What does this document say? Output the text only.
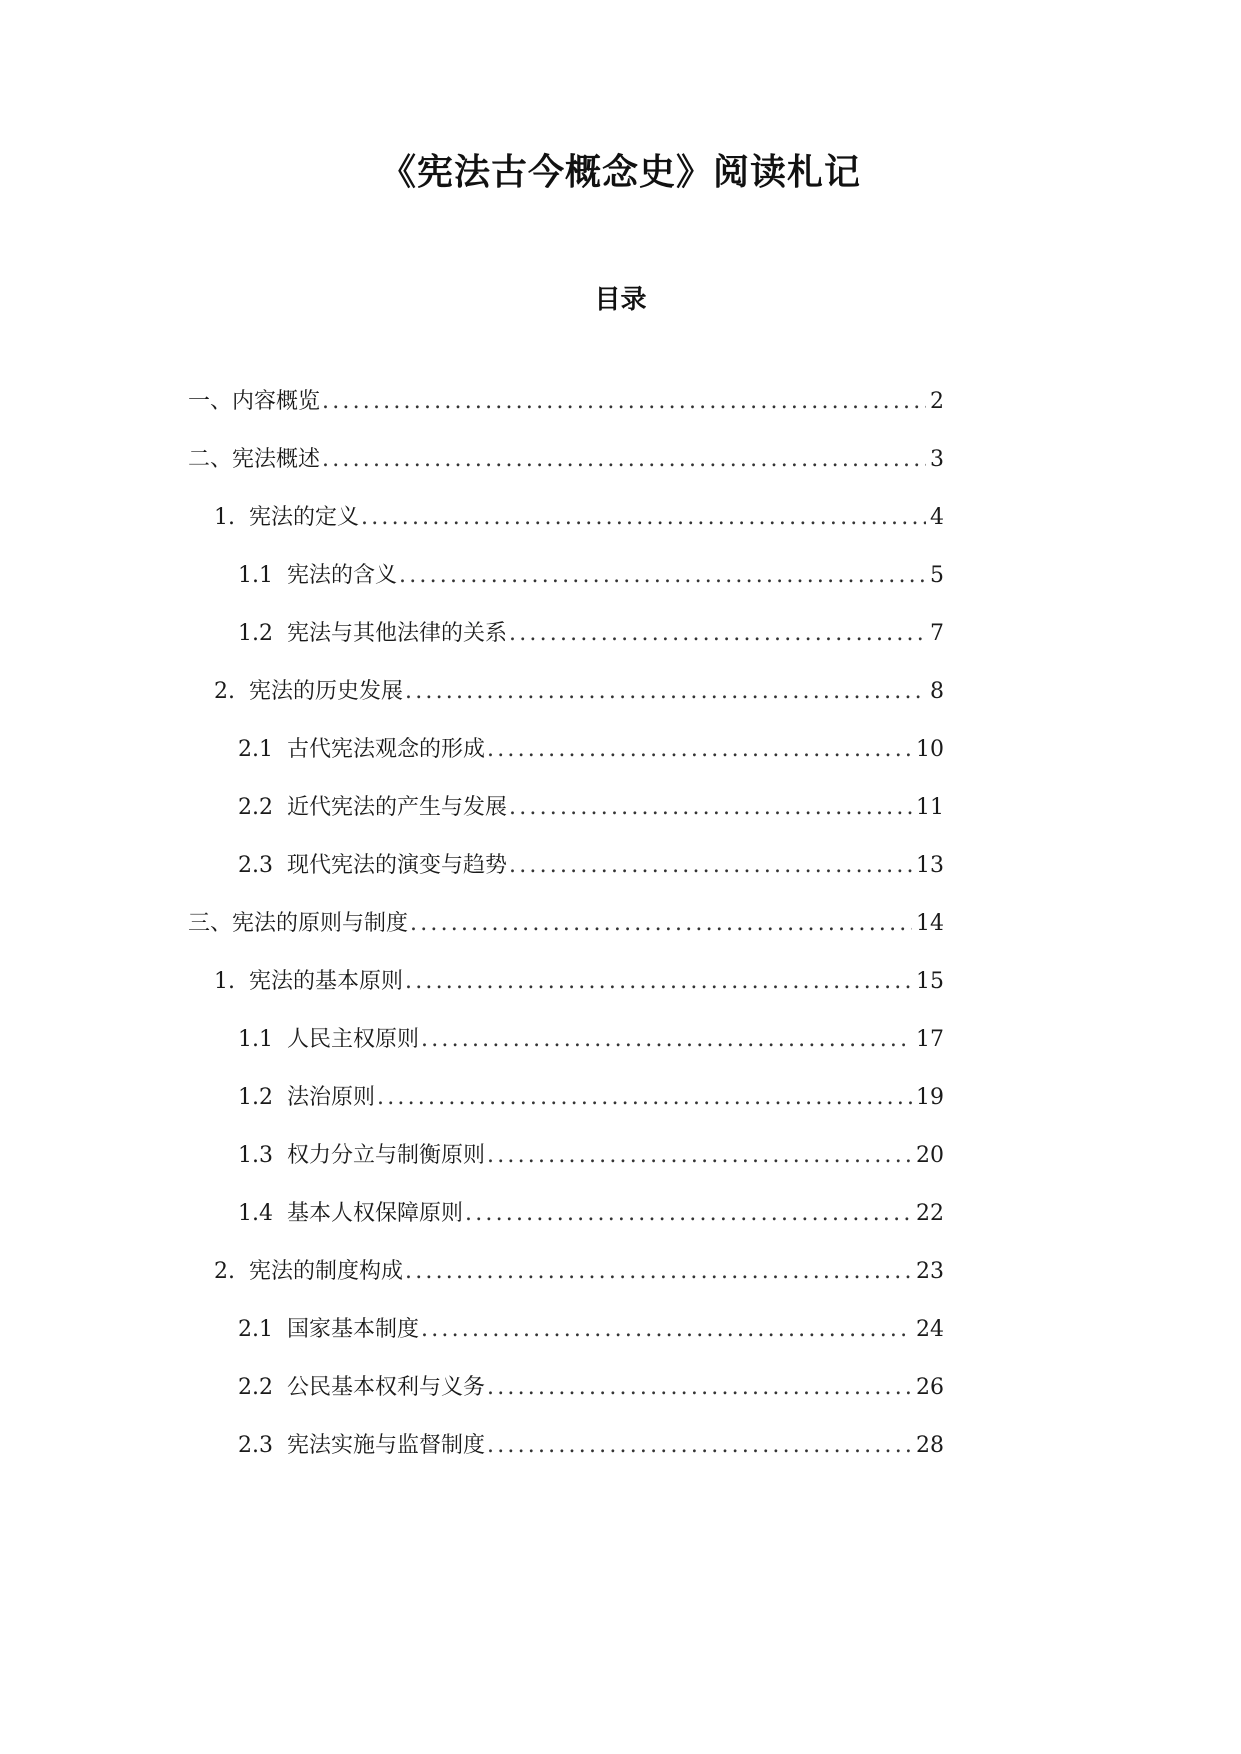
《宪法古今概念史》阅读札记
目录
一、内容概览 .....	2
二、宪法概述 .....	3
1. 宪法的定义 .....	4
1.1 宪法的含义 .....	5
1.2 宪法与其他法律的关系 .....	7
2. 宪法的历史发展 .....	8
2.1 古代宪法观念的形成 .....	10
2.2 近代宪法的产生与发展 .....	11
2.3 现代宪法的演变与趋势 .....	13
三、宪法的原则与制度 .....	14
1. 宪法的基本原则 .....	15
1.1 人民主权原则 .....	17
1.2 法治原则 .....	19
1.3 权力分立与制衡原则 .....	20
1.4 基本人权保障原则 .....	22
2. 宪法的制度构成 .....	23
2.1 国家基本制度 .....	24
2.2 公民基本权利与义务 .....	26
2.3 宪法实施与监督制度 .....	28
